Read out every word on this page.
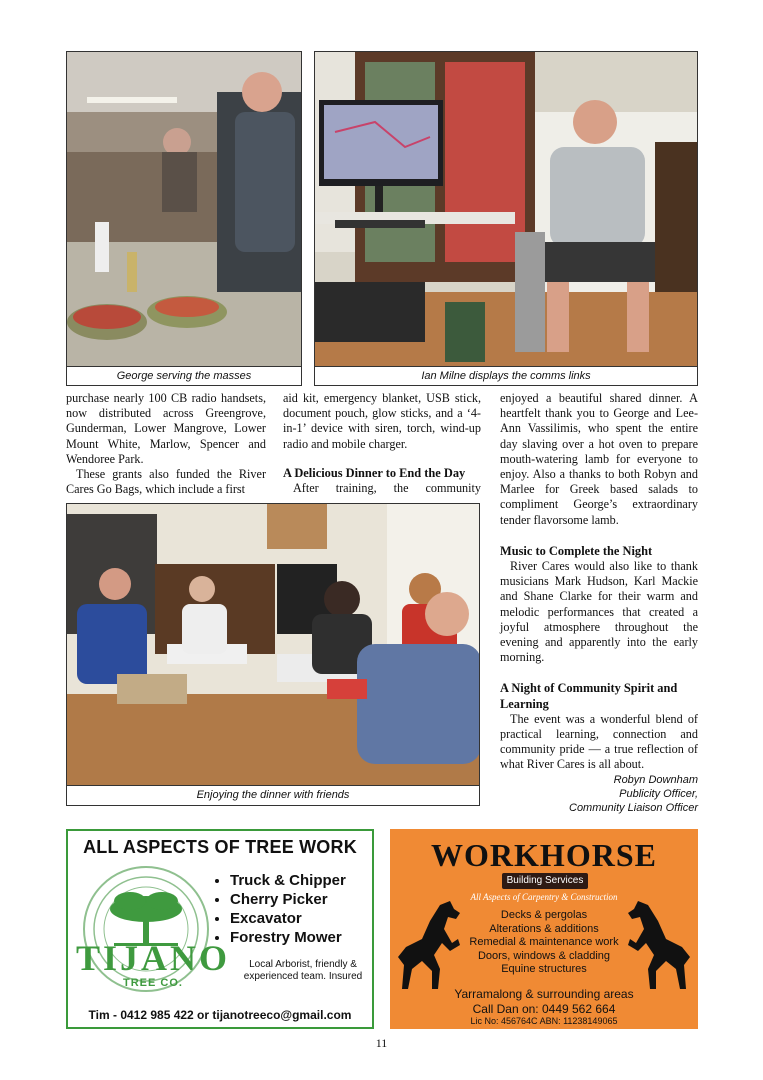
George serving the masses	Ian Milne displays the comms links

purchase nearly 100 CB radio handsets, now distributed across Greengrove, Gunderman, Lower Mangrove, Lower Mount White, Marlow, Spencer and Wendoree Park.

These grants also funded the River Cares Go Bags, which include a first

aid kit, emergency blanket, USB stick, document pouch, glow sticks, and a ‘4-in-1’ device with siren, torch, wind-up radio and mobile charger.

A Delicious Dinner to End the Day

After training, the community

enjoyed a beautiful shared dinner. A heartfelt thank you to George and Lee-Ann Vassilimis, who spent the entire day slaving over a hot oven to prepare mouth-watering lamb for everyone to enjoy. Also a thanks to both Robyn and Marlee for Greek based salads to compliment George’s extraordinary tender flavorsome lamb.

Music to Complete the Night

River Cares would also like to thank musicians Mark Hudson, Karl Mackie and Shane Clarke for their warm and melodic performances that created a joyful atmosphere throughout the evening and apparently into the early morning.

A Night of Community Spirit and Learning

The event was a wonderful blend of practical learning, connection and community pride — a true reflection of what River Cares is all about.

Robyn Downham
Publicity Officer,
Community Liaison Officer
Enjoying the dinner with friends
ALL ASPECTS OF TREE WORK
TIJANO
TREE CO.
• Truck & Chipper
• Cherry Picker
• Excavator
• Forestry Mower
Local Arborist, friendly & experienced team. Insured
Tim - 0412 985 422 or tijanotreeco@gmail.com
WORKHORSE
Building Services
All Aspects of Carpentry & Construction
Decks & pergolas
Alterations & additions
Remedial & maintenance work
Doors, windows & cladding
Equine structures
Yarramalong & surrounding areas
Call Dan on: 0449 562 664
Lic No: 456764C ABN: 11238149065
11
